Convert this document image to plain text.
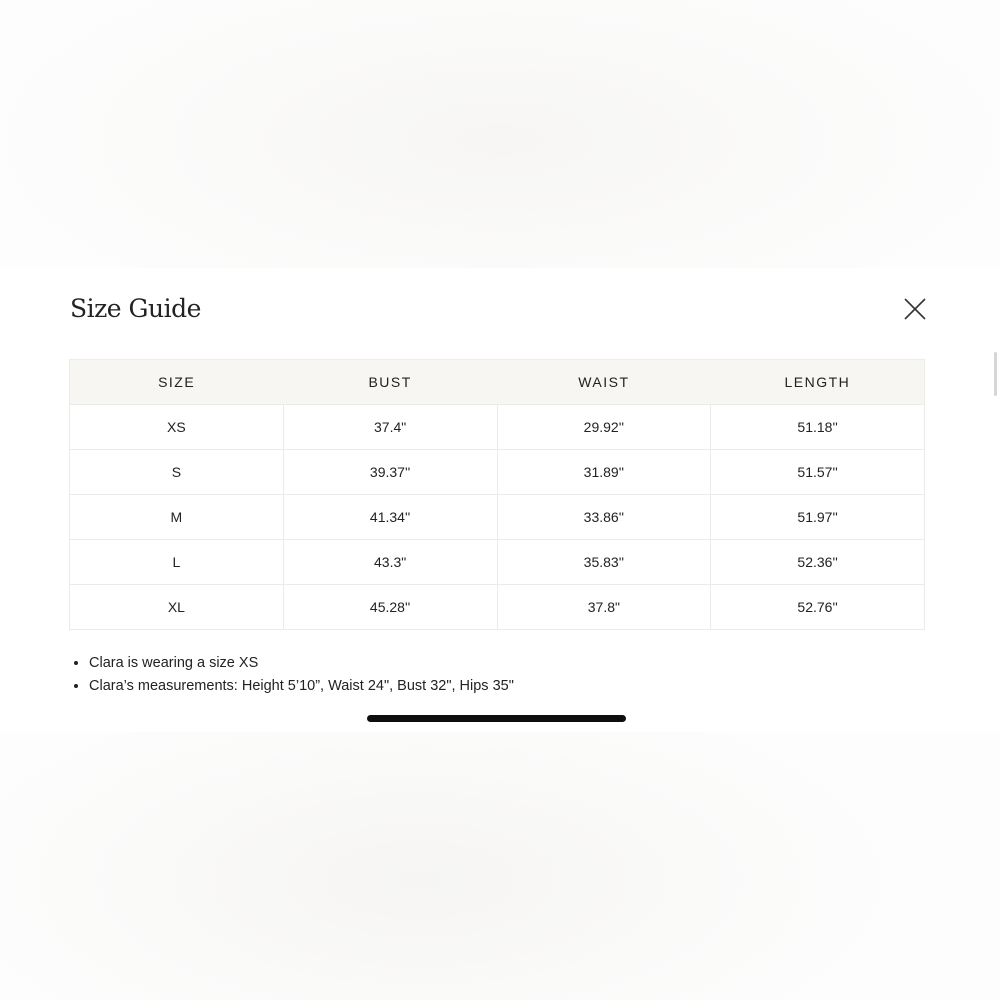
Size Guide
SIZE	BUST	WAIST	LENGTH
XS	37.4"	29.92''	51.18''
S	39.37''	31.89''	51.57''
M	41.34''	33.86''	51.97''
L	43.3"	35.83''	52.36''
XL	45.28''	37.8"	52.76''
• Clara is wearing a size XS
• Clara’s measurements: Height 5’10”, Waist 24", Bust 32", Hips 35"
